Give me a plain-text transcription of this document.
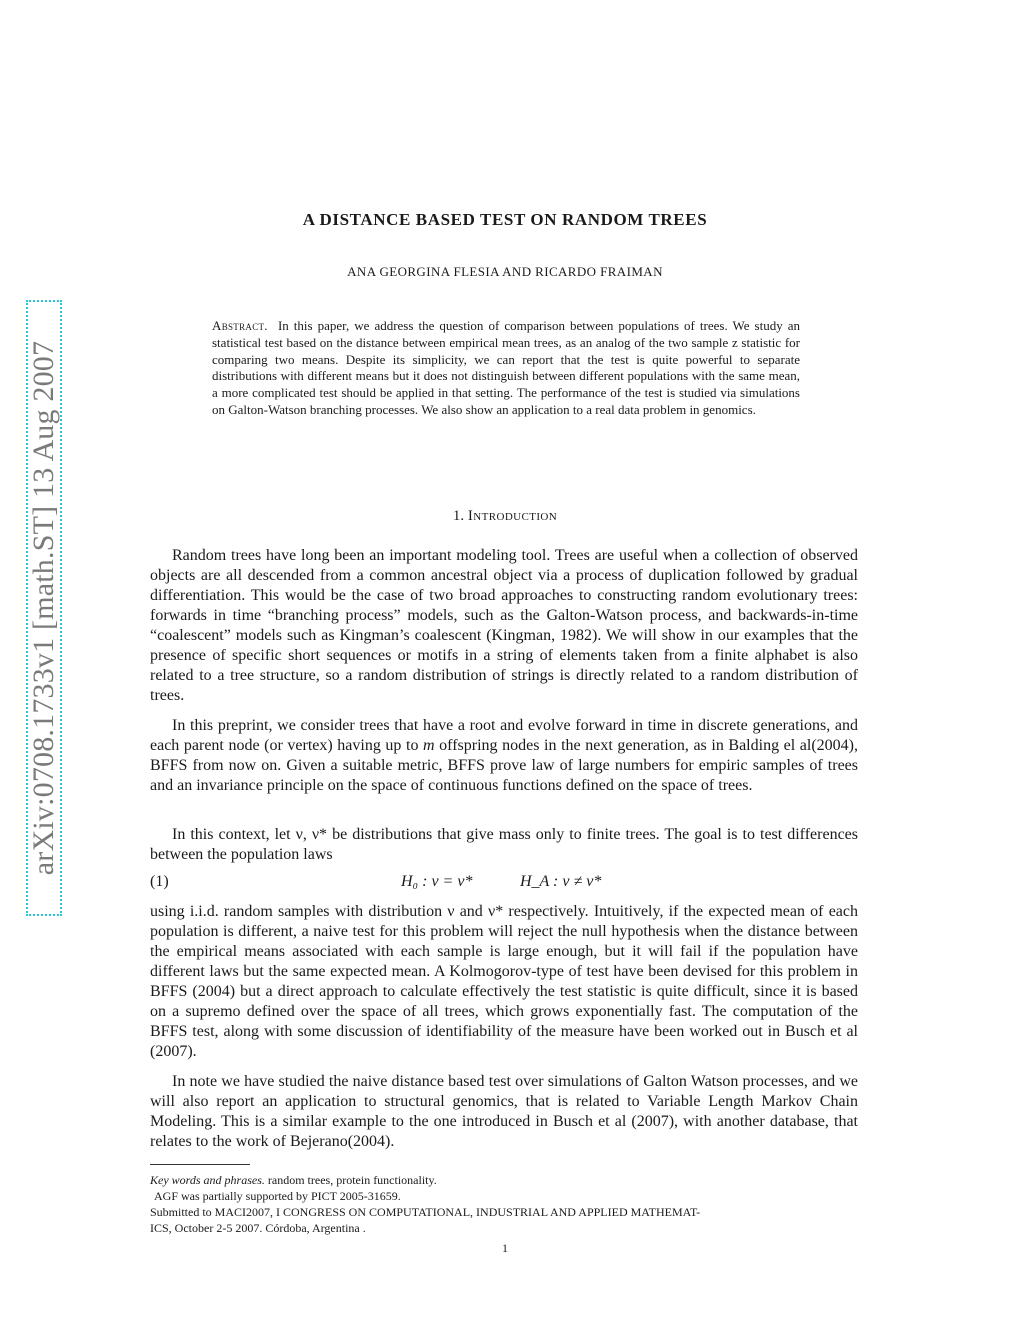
arXiv:0708.1733v1 [math.ST] 13 Aug 2007
A DISTANCE BASED TEST ON RANDOM TREES
ANA GEORGINA FLESIA AND RICARDO FRAIMAN
Abstract. In this paper, we address the question of comparison between populations of trees. We study an statistical test based on the distance between empirical mean trees, as an analog of the two sample z statistic for comparing two means. Despite its simplicity, we can report that the test is quite powerful to separate distributions with different means but it does not distinguish between different populations with the same mean, a more complicated test should be applied in that setting. The performance of the test is studied via simulations on Galton-Watson branching processes. We also show an application to a real data problem in genomics.
1. Introduction

Random trees have long been an important modeling tool. Trees are useful when a collection of observed objects are all descended from a common ancestral object via a process of duplication followed by gradual differentiation. This would be the case of two broad approaches to constructing random evolutionary trees: forwards in time “branching process” models, such as the Galton-Watson process, and backwards-in-time “coalescent” models such as Kingman’s coalescent (Kingman, 1982). We will show in our examples that the presence of specific short sequences or motifs in a string of elements taken from a finite alphabet is also related to a tree structure, so a random distribution of strings is directly related to a random distribution of trees.

In this preprint, we consider trees that have a root and evolve forward in time in discrete generations, and each parent node (or vertex) having up to m offspring nodes in the next generation, as in Balding el al(2004), BFFS from now on. Given a suitable metric, BFFS prove law of large numbers for empiric samples of trees and an invariance principle on the space of continuous functions defined on the space of trees.

In this context, let ν, ν* be distributions that give mass only to finite trees. The goal is to test differences between the population laws

(1)	H₀ : ν = ν*	H_A : ν ≠ ν*

using i.i.d. random samples with distribution ν and ν* respectively. Intuitively, if the expected mean of each population is different, a naive test for this problem will reject the null hypothesis when the distance between the empirical means associated with each sample is large enough, but it will fail if the population have different laws but the same expected mean. A Kolmogorov-type of test have been devised for this problem in BFFS (2004) but a direct approach to calculate effectively the test statistic is quite difficult, since it is based on a supremo defined over the space of all trees, which grows exponentially fast. The computation of the BFFS test, along with some discussion of identifiability of the measure have been worked out in Busch et al (2007).

In note we have studied the naive distance based test over simulations of Galton Watson processes, and we will also report an application to structural genomics, that is related to Variable Length Markov Chain Modeling. This is a similar example to the one introduced in Busch et al (2007), with another database, that relates to the work of Bejerano(2004).

Key words and phrases. random trees, protein functionality.
AGF was partially supported by PICT 2005-31659.
Submitted to MACI2007, I CONGRESS ON COMPUTATIONAL, INDUSTRIAL AND APPLIED MATHEMAT-
ICS, October 2-5 2007. Córdoba, Argentina .
1
